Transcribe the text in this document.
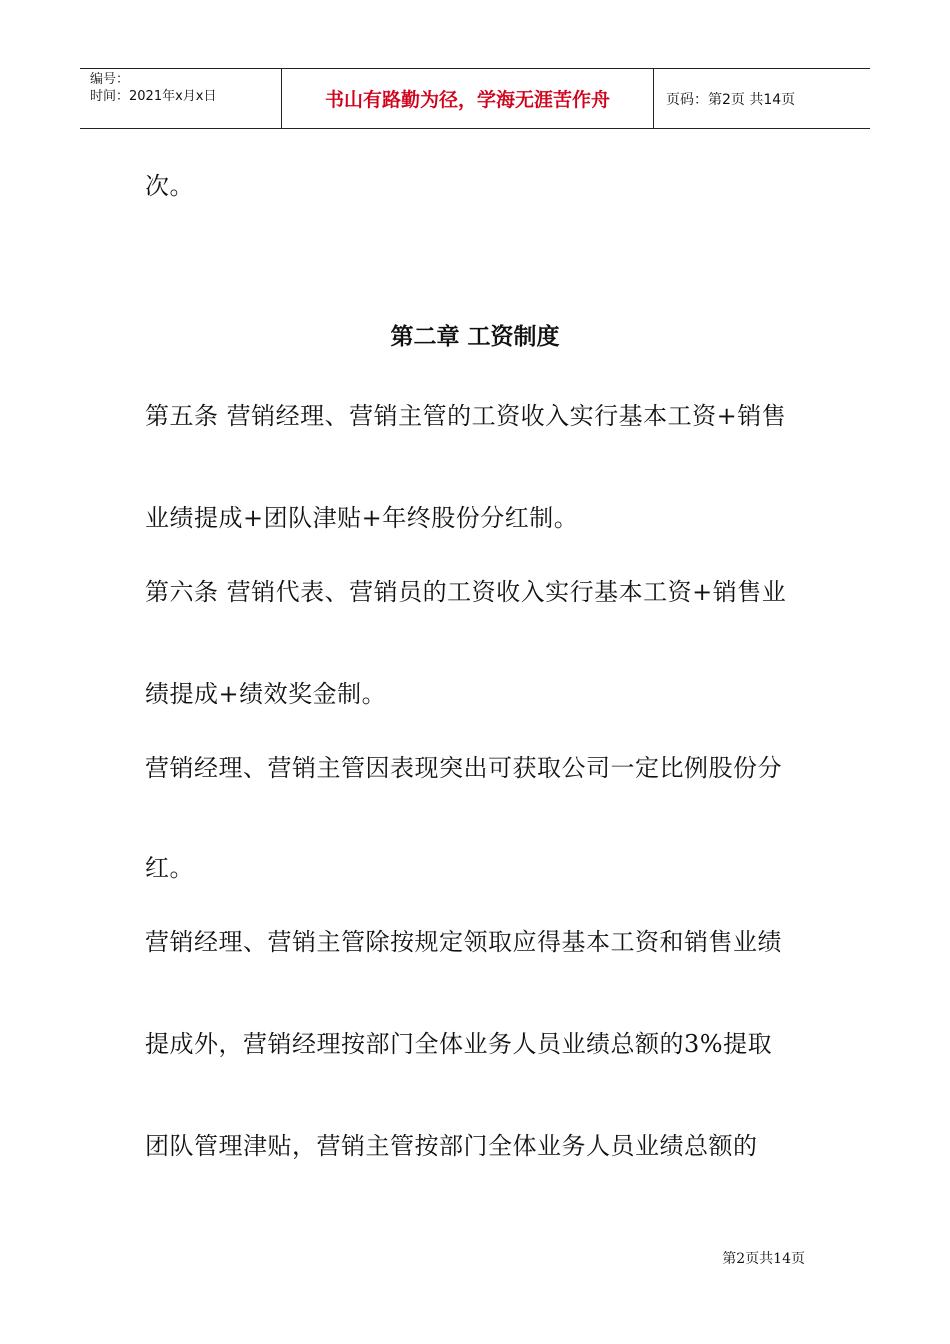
编号：
时间：2021年x月x日	书山有路勤为径，学海无涯苦作舟	页码：第2页 共14页
次。
第二章 工资制度
第五条 营销经理、营销主管的工资收入实行基本工资+销售
业绩提成+团队津贴+年终股份分红制。
第六条 营销代表、营销员的工资收入实行基本工资+销售业
绩提成+绩效奖金制。
营销经理、营销主管因表现突出可获取公司一定比例股份分
红。
营销经理、营销主管除按规定领取应得基本工资和销售业绩
提成外，营销经理按部门全体业务人员业绩总额的3%提取
团队管理津贴，营销主管按部门全体业务人员业绩总额的
第2页共14页
